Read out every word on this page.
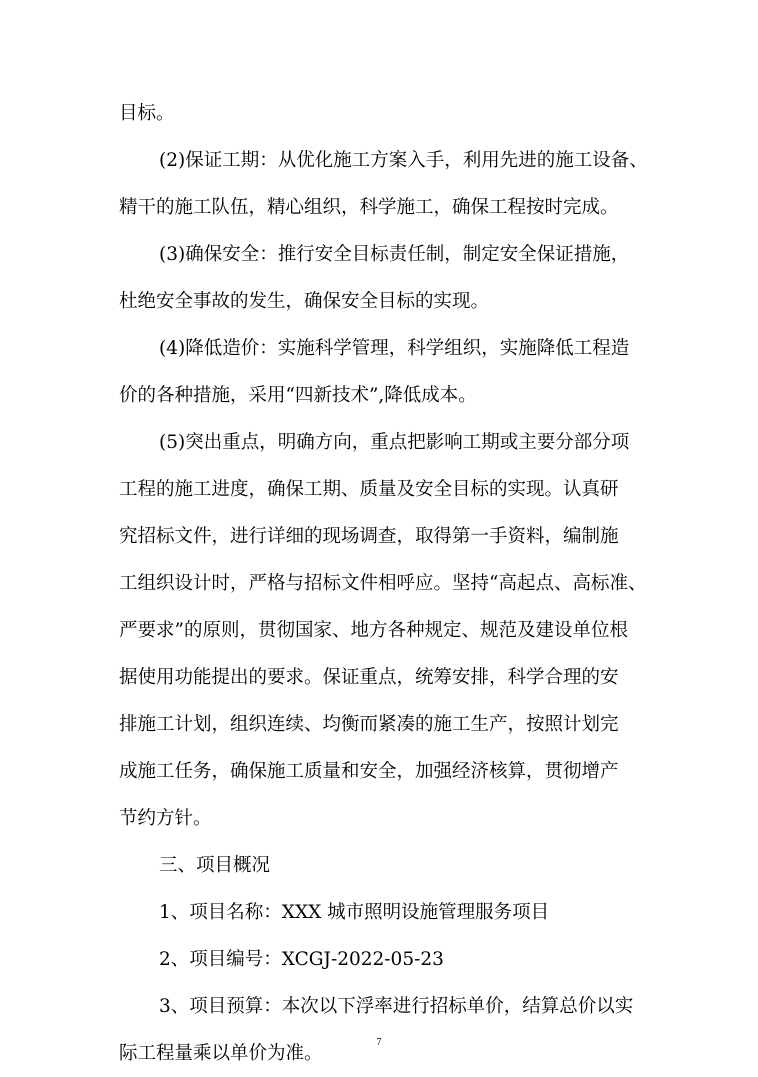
目标。
(2)保证工期：从优化施工方案入手，利用先进的施工设备、
精干的施工队伍，精心组织，科学施工，确保工程按时完成。
(3)确保安全：推行安全目标责任制，制定安全保证措施，
杜绝安全事故的发生，确保安全目标的实现。
(4)降低造价：实施科学管理，科学组织，实施降低工程造
价的各种措施，采用“四新技术”,降低成本。
(5)突出重点，明确方向，重点把影响工期或主要分部分项
工程的施工进度，确保工期、质量及安全目标的实现。认真研
究招标文件，进行详细的现场调查，取得第一手资料，编制施
工组织设计时，严格与招标文件相呼应。坚持“高起点、高标准、
严要求”的原则，贯彻国家、地方各种规定、规范及建设单位根
据使用功能提出的要求。保证重点，统筹安排，科学合理的安
排施工计划，组织连续、均衡而紧凑的施工生产，按照计划完
成施工任务，确保施工质量和安全，加强经济核算，贯彻增产
节约方针。
三、项目概况
1、项目名称：XXX 城市照明设施管理服务项目
2、项目编号：XCGJ-2022-05-23
3、项目预算：本次以下浮率进行招标单价，结算总价以实
际工程量乘以单价为准。
7
